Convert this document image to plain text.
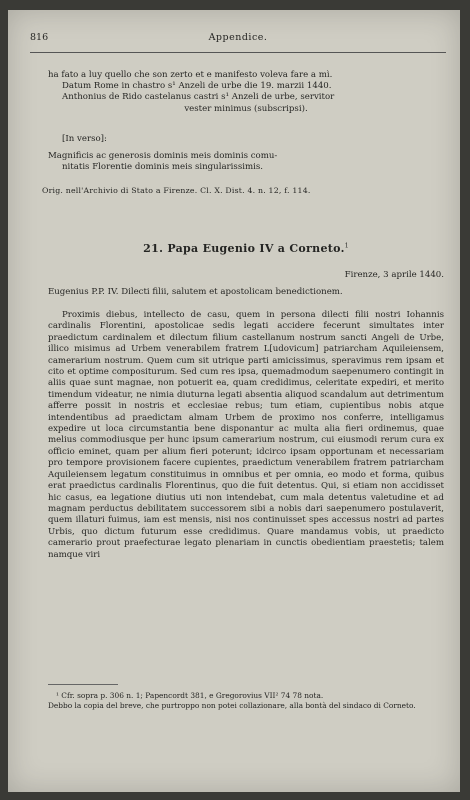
816	Appendice.

ha fato a luy quello che son zerto et e manifesto voleva fare a mì.

Datum Rome in chastro s¹ Anzeli de urbe die 19. marzii 1440.

Anthonius de Rido castelanus castri s¹ Anzeli de urbe, servitor

vester minimus (subscripsi).

[In verso]:

Magnificis ac generosis dominis meis dominis comu-

nitatis Florentie dominis meis singularissimis.

Orig. nell'Archivio di Stato a Firenze. Cl. X. Dist. 4. n. 12, f. 114.

21. Papa Eugenio IV a Corneto.$^1$

Firenze, 3 aprile 1440.

Eugenius P.P. IV. Dilecti filii, salutem et apostolicam benedictionem.

Proximis diebus, intellecto de casu, quem in persona dilecti filii nostri Iohannis cardinalis Florentini, apostolicae sedis legati accidere fecerunt simultates inter praedictum cardinalem et dilectum filium castellanum nostrum sancti Angeli de Urbe, illico misimus ad Urbem venerabilem fratrem L[udovicum] patriarcham Aquileiensem, camerarium nostrum. Quem cum sit utrique parti amicissimus, speravimus rem ipsam et cito et optime compositurum. Sed cum res ipsa, quemadmodum saepenumero contingit in aliis quae sunt magnae, non potuerit ea, quam credidimus, celeritate expediri, et merito timendum videatur, ne nimia diuturna legati absentia aliquod scandalum aut detrimentum afferre possit in nostris et ecclesiae rebus; tum etiam, cupientibus nobis atque intendentibus ad praedictam almam Urbem de proximo nos conferre, intelligamus expedire ut loca circumstantia bene disponantur ac multa alia fieri ordinemus, quae melius commodiusque per hunc ipsum camerarium nostrum, cui eiusmodi rerum cura ex officio eminet, quam per alium fieri poterunt; idcirco ipsam opportunam et necessariam pro tempore provisionem facere cupientes, praedictum venerabilem fratrem patriarcham Aquileiensem legatum constituimus in omnibus et per omnia, eo modo et forma, quibus erat praedictus cardinalis Florentinus, quo die fuit detentus. Qui, si etiam non accidisset hic casus, ea legatione diutius uti non intendebat, cum mala detentus valetudine et ad magnam perductus debilitatem successorem sibi a nobis dari saepenumero postulaverit, quem illaturi fuimus, iam est mensis, nisi nos continuisset spes accessus nostri ad partes Urbis, quo dictum futurum esse credidimus. Quare mandamus vobis, ut praedicto camerario prout praefecturae legato plenariam in cunctis obedientiam praestetis; talem namque viri

¹ Cfr. sopra p. 306 n. 1; Papencordt 381, e Gregorovius VII² 74 78 nota.

Debbo la copia del breve, che purtroppo non potei collazionare, alla bontà del sindaco di Corneto.
